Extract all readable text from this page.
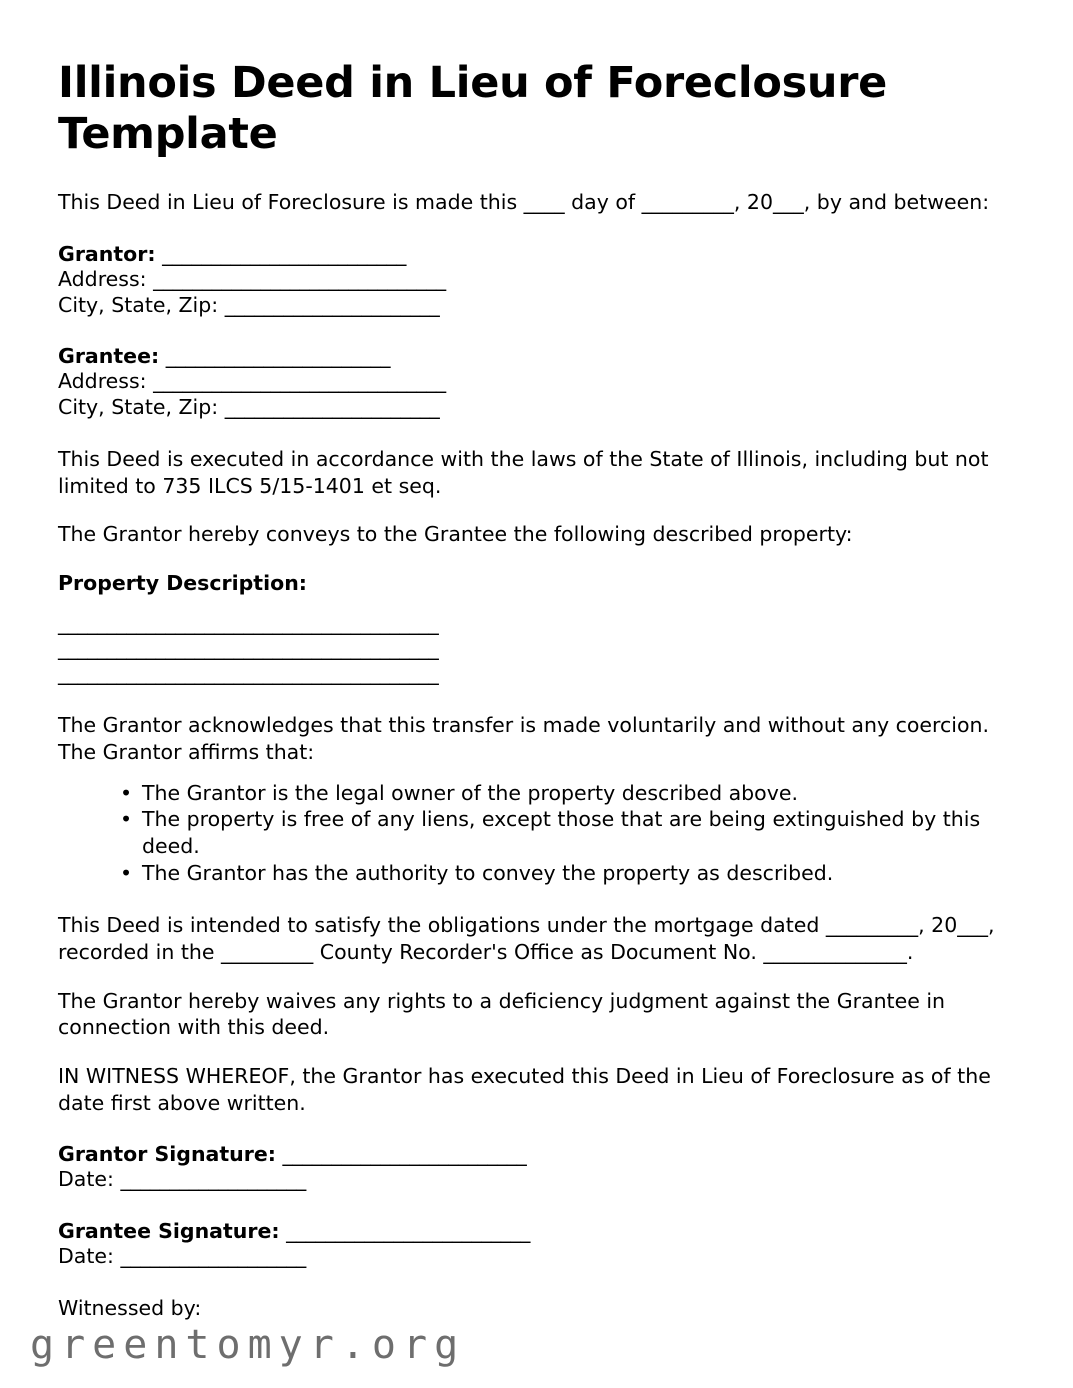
Illinois Deed in Lieu of Foreclosure Template

This Deed in Lieu of Foreclosure is made this ____ day of _________, 20___, by and between:

Grantor: _________________________
Address: ______________________________
City, State, Zip: ______________________
Grantee: _______________________
Address: ______________________________
City, State, Zip: ______________________

This Deed is executed in accordance with the laws of the State of Illinois, including but not limited to 735 ILCS 5/15-1401 et seq.

The Grantor hereby conveys to the Grantee the following described property:

Property Description:

_______________________________________
_______________________________________
_______________________________________

The Grantor acknowledges that this transfer is made voluntarily and without any coercion. The Grantor affirms that:

• The Grantor is the legal owner of the property described above.
• The property is free of any liens, except those that are being extinguished by this deed.
• The Grantor has the authority to convey the property as described.

This Deed is intended to satisfy the obligations under the mortgage dated _________, 20___, recorded in the _________ County Recorder's Office as Document No. ______________.

The Grantor hereby waives any rights to a deficiency judgment against the Grantee in connection with this deed.

IN WITNESS WHEREOF, the Grantor has executed this Deed in Lieu of Foreclosure as of the date first above written.

Grantor Signature: _________________________
Date: ___________________
Grantee Signature: _________________________
Date: ___________________

Witnessed by:

greentomyr.org
